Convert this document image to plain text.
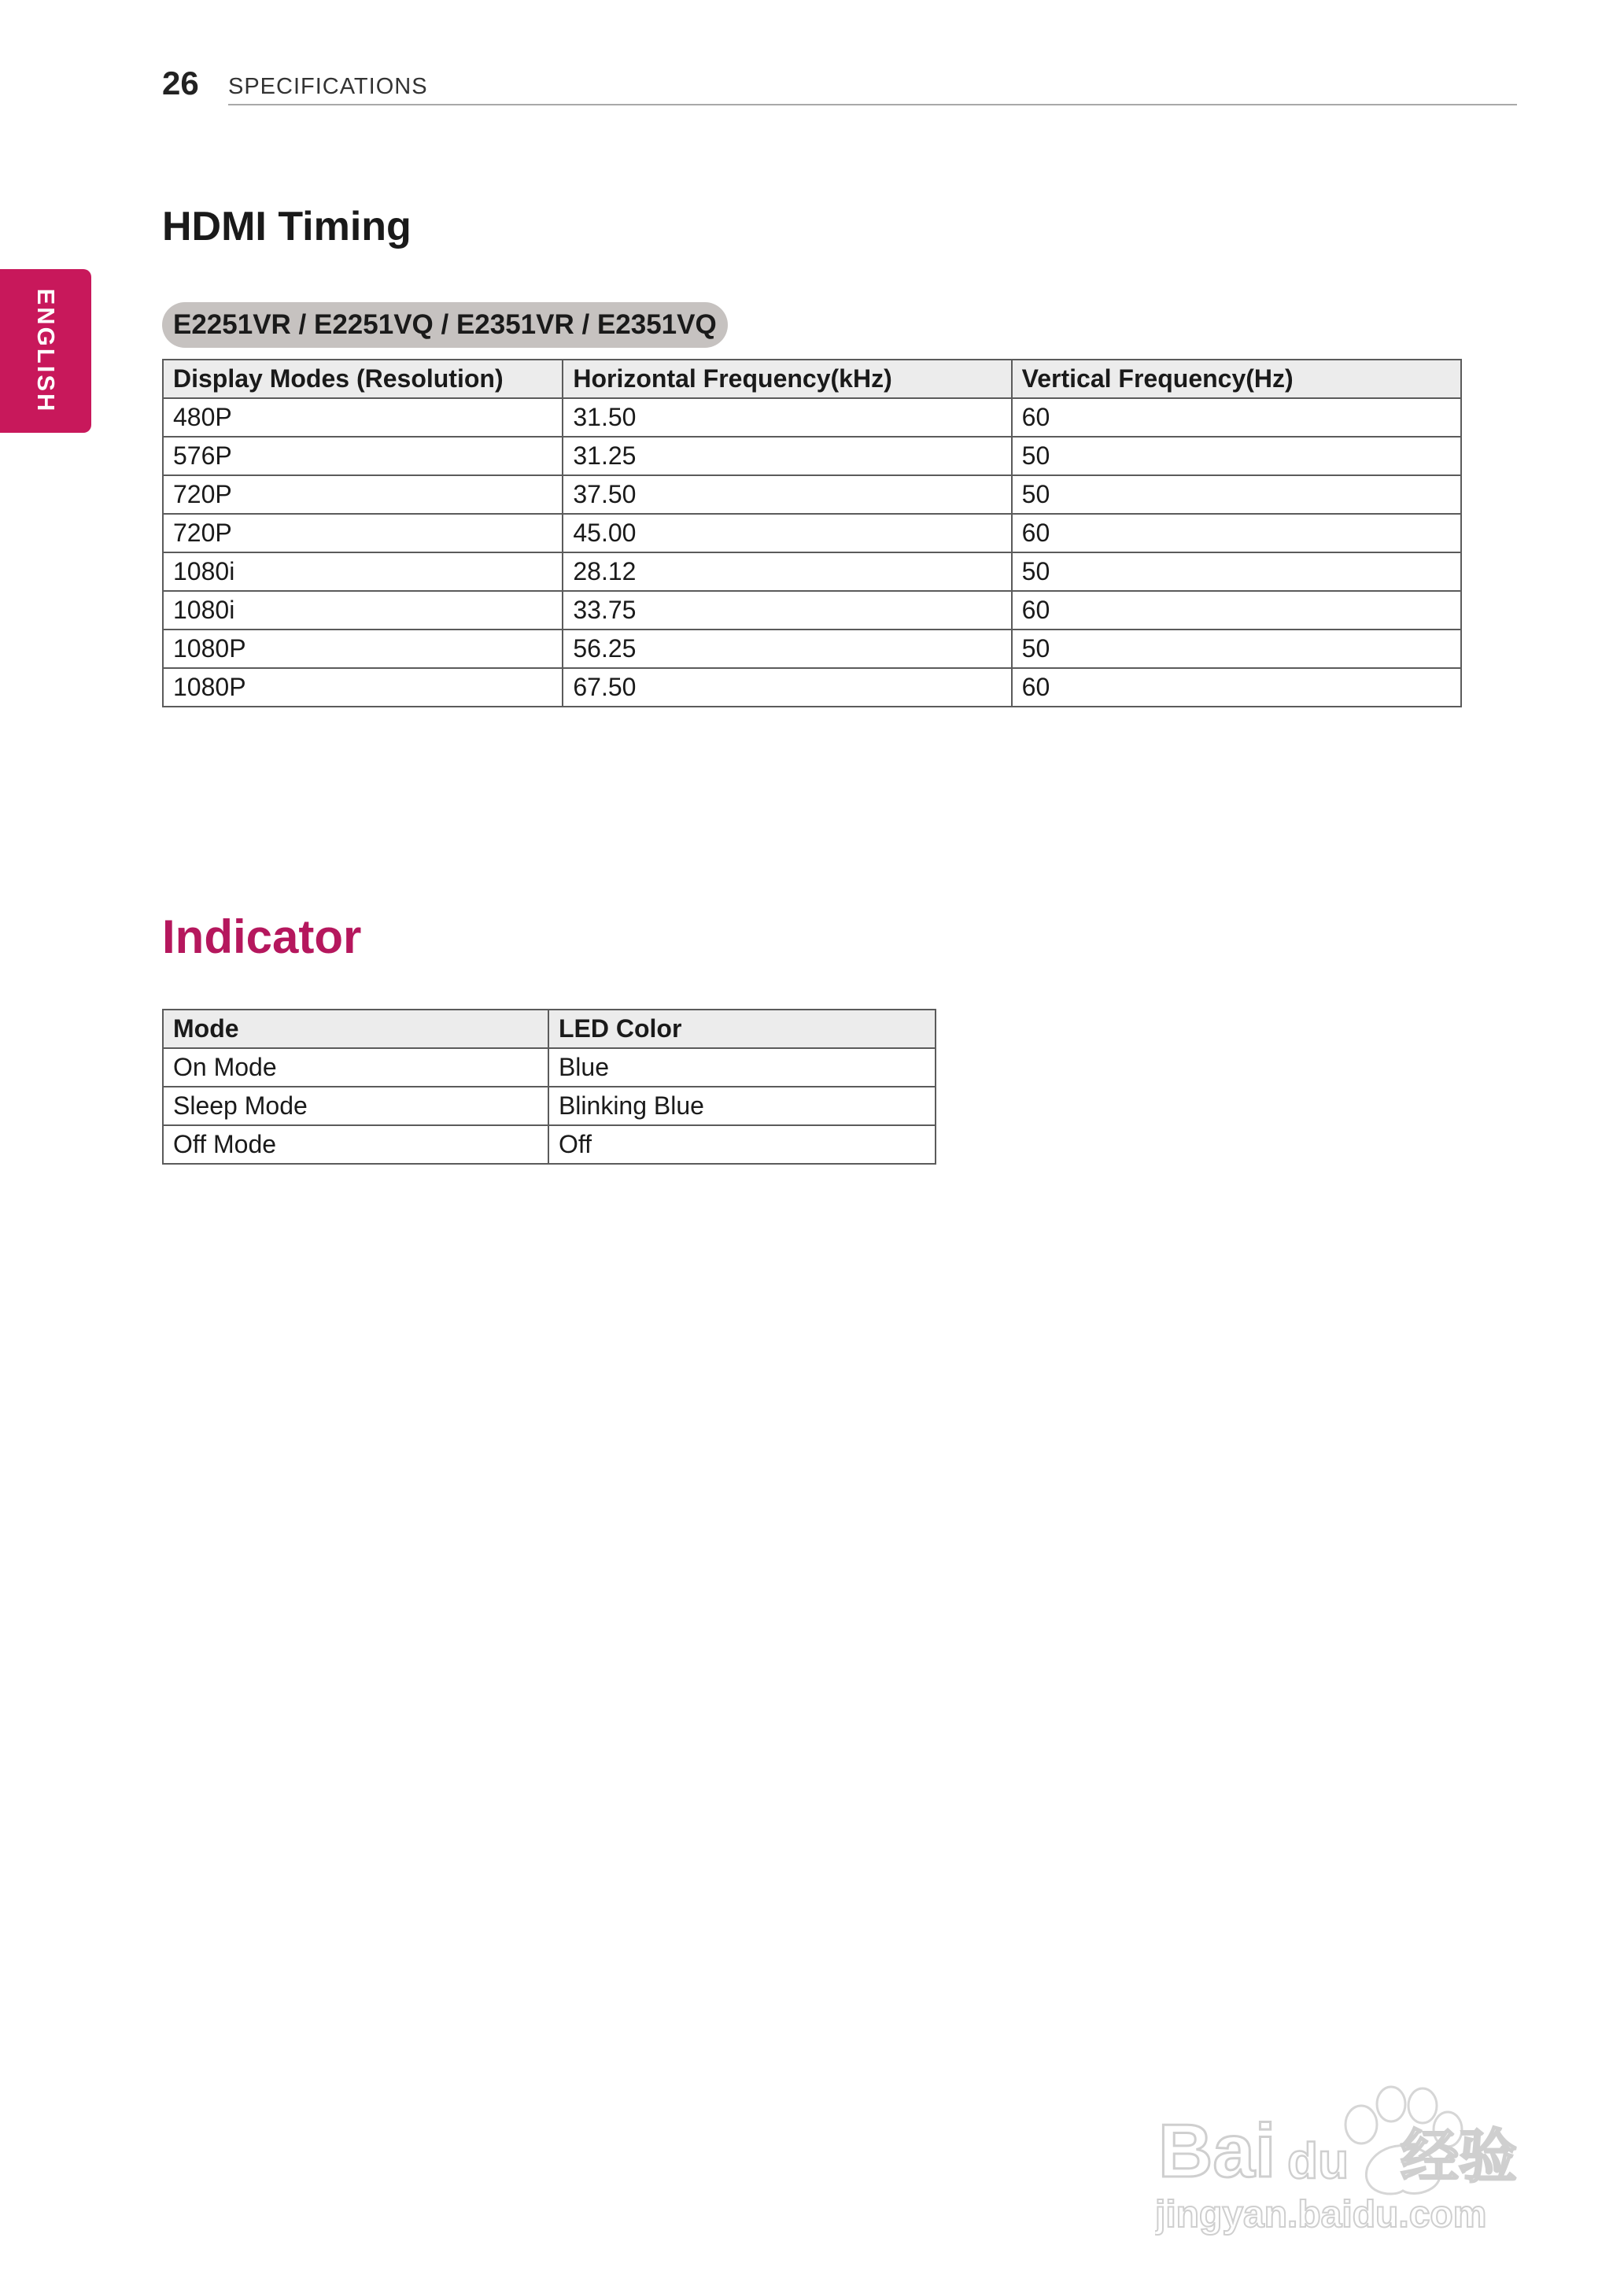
26 SPECIFICATIONS
ENGLISH
HDMI Timing
E2251VR / E2251VQ / E2351VR / E2351VQ
Display Modes (Resolution)	Horizontal Frequency(kHz)	Vertical Frequency(Hz)
480P	31.50	60
576P	31.25	50
720P	37.50	50
720P	45.00	60
1080i	28.12	50
1080i	33.75	60
1080P	56.25	50
1080P	67.50	60
Indicator
Mode	LED Color
On Mode	Blue
Sleep Mode	Blinking Blue
Off Mode	Off
Bai du 经验
jingyan.baidu.com
